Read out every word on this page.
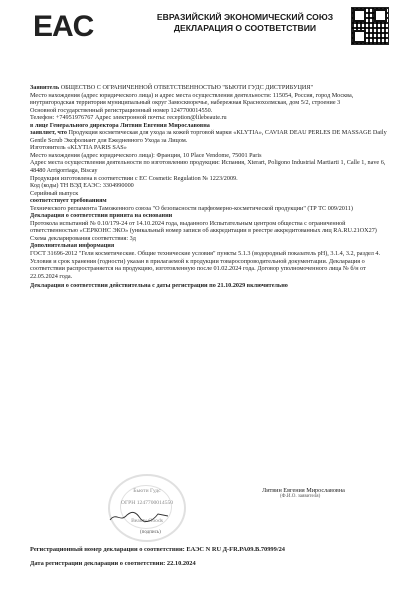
EAC	ЕВРАЗИЙСКИЙ ЭКОНОМИЧЕСКИЙ СОЮЗ
ДЕКЛАРАЦИЯ О СООТВЕТСТВИИ

Заявитель ОБЩЕСТВО С ОГРАНИЧЕННОЙ ОТВЕТСТВЕННОСТЬЮ "БЬЮТИ ГУДС ДИСТРИБУЦИЯ"

Место нахождения (адрес юридического лица) и адрес места осуществления деятельности: 115054, Россия, город Москва, внутригородская территория муниципальный округ Замоскворечье, набережная Краснохолмская, дом 5/2, строение 3

Основной государственный регистрационный номер 1247700014550.

Телефон: +74951976767 Адрес электронной почты: reception@lilebeaute.ru

в лице Генерального директора Литвин Евгения Мирославовна

заявляет, что Продукция косметическая для ухода за кожей торговой марки «KLYTIA», CAVIAR DEAU PERLES DE MASSAGE Daily Gentle Scrub Эксфолиант для Ежедневного Ухода за Лицом.

Изготовитель «KLYTIA PARIS SAS»

Место нахождения (адрес юридического лица): Франция, 10 Place Vendome, 75001 Paris

Адрес места осуществления деятельности по изготовлению продукции: Испания, Xterart, Poligono Industrial Martiarti 1, Calle 1, nave 6, 48480 Arrigorriaga, Biscay

Продукция изготовлена в соответствии с EC Cosmetic Regulation № 1223/2009.

Код (коды) ТН ВЭД ЕАЭС: 3304990000

Серийный выпуск

соответствует требованиям

Технического регламента Таможенного союза "О безопасности парфюмерно-косметической продукции" (ТР ТС 009/2011)

Декларация о соответствии принята на основании

Протокола испытаний № 0.10/179-24 от 14.10.2024 года, выданного Испытательным центром общества с ограниченной ответственностью «СЕРКОНС ЭКО» (уникальный номер записи об аккредитации в реестре аккредитованных лиц RA.RU.21OX27)

Схема декларирования соответствия: 3д

Дополнительная информация

ГОСТ 31696-2012 "Гели косметические. Общие технические условия" пункты 5.1.3 (водородный показатель pH), 3.1.4, 3.2, раздел 4. Условия и срок хранения (годности) указан в прилагаемой к продукции товаросопроводительной документации. Декларация о соответствии распространяется на продукцию, изготовленную после 01.02.2024 года. Договор уполномоченного лица № б/н от 22.05.2024 года.

Декларация о соответствии действительна с даты регистрации по 21.10.2029 включительно

Бьюти Гудс
ОГРН 1247700014550
Beauty Goods
Литвин Евгения Мирославовна
(подпись)
(Ф.И.О. заявителя)
Регистрационный номер декларации о соответствии: ЕАЭС N RU Д-FR.РА09.В.70999/24
Дата регистрации декларации о соответствии: 22.10.2024
